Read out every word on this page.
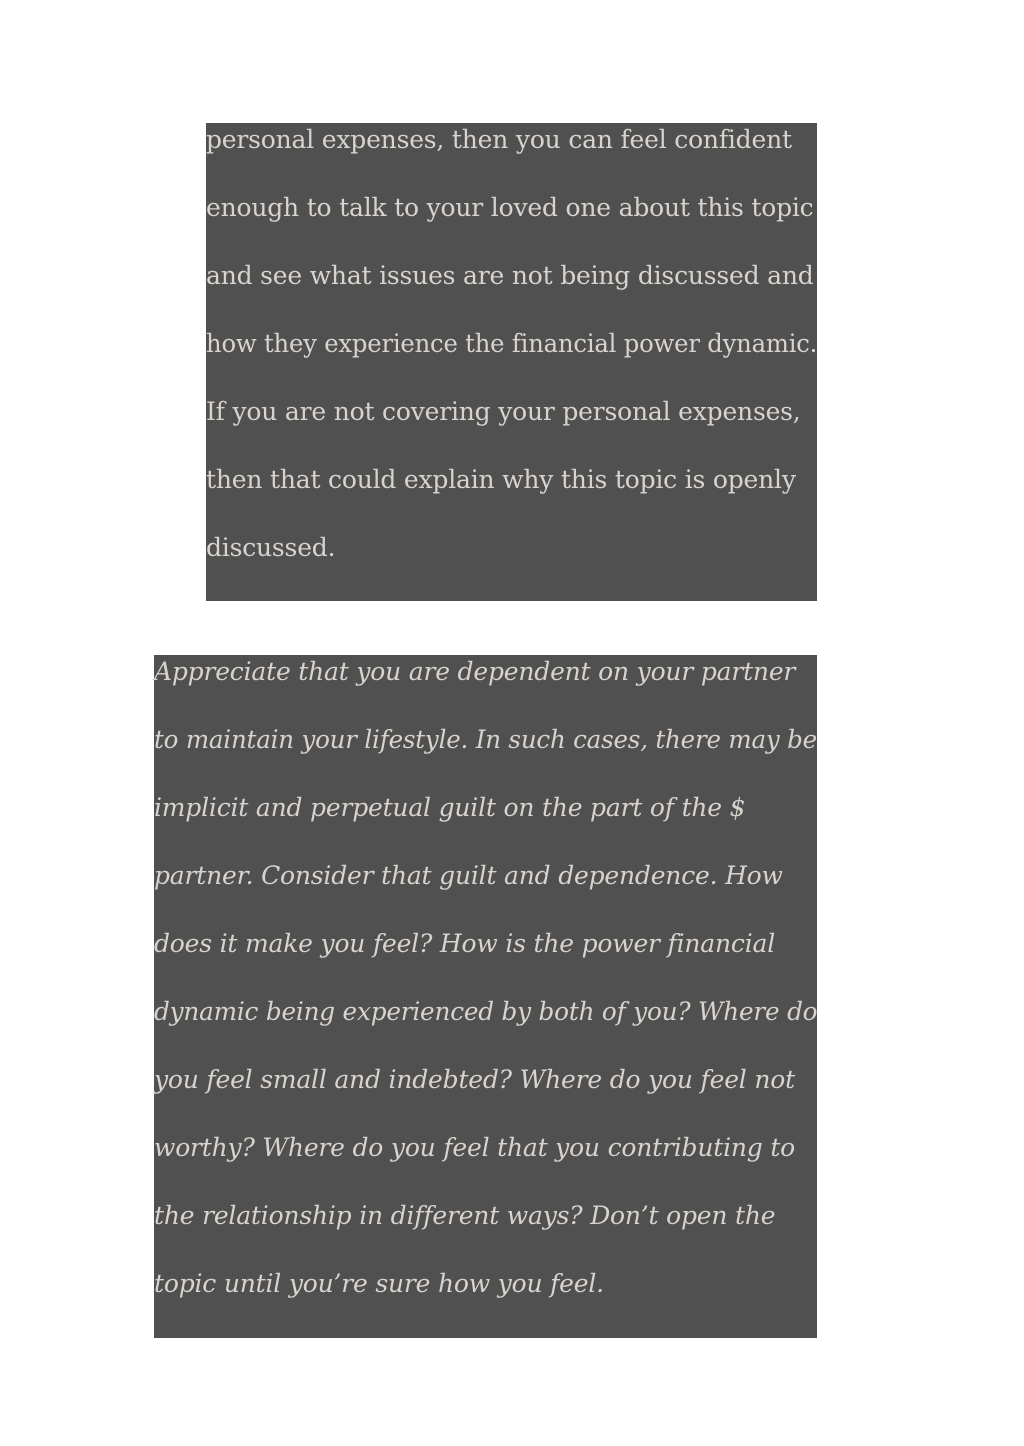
personal expenses, then you can feel confident
enough to talk to your loved one about this topic
and see what issues are not being discussed and
how they experience the financial power dynamic.
If you are not covering your personal expenses,
then that could explain why this topic is openly
discussed.
Appreciate that you are dependent on your partner
to maintain your lifestyle. In such cases, there may be
implicit and perpetual guilt on the part of the $
partner. Consider that guilt and dependence. How
does it make you feel? How is the power financial
dynamic being experienced by both of you? Where do
you feel small and indebted? Where do you feel not
worthy? Where do you feel that you contributing to
the relationship in different ways? Don’t open the
topic until you’re sure how you feel.
